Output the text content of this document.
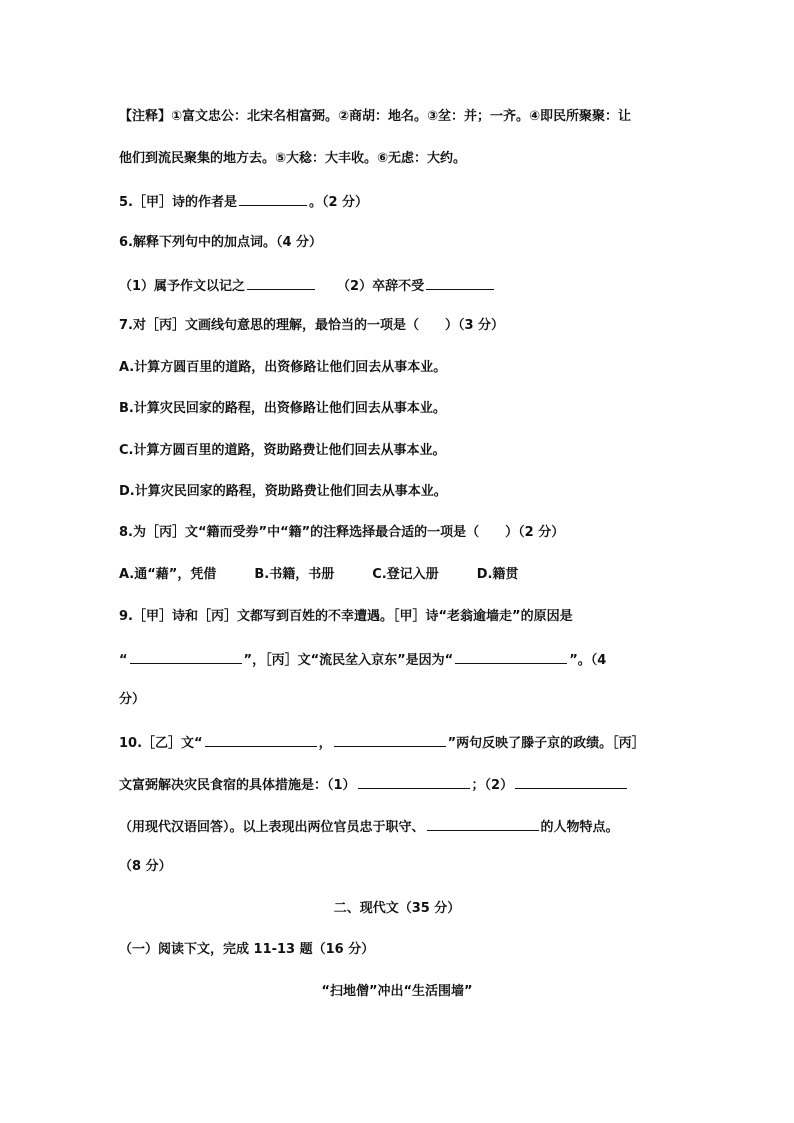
【注释】①富文忠公：北宋名相富弼。②商胡：地名。③坌：并；一齐。④即民所聚聚：让
他们到流民聚集的地方去。⑤大稔：大丰收。⑥无虑：大约。
5.［甲］诗的作者是	。（2 分）
6.解释下列句中的加点词。（4 分）
（1）属予作文以记之	（2）卒辞不受
7.对［丙］文画线句意思的理解，最恰当的一项是（　　）（3 分）
A.计算方圆百里的道路，出资修路让他们回去从事本业。
B.计算灾民回家的路程，出资修路让他们回去从事本业。
C.计算方圆百里的道路，资助路费让他们回去从事本业。
D.计算灾民回家的路程，资助路费让他们回去从事本业。
8.为［丙］文“籍而受券”中“籍”的注释选择最合适的一项是（　　）（2 分）
A.通“藉”，凭借	B.书籍，书册	C.登记入册	D.籍贯
9.［甲］诗和［丙］文都写到百姓的不幸遭遇。［甲］诗“老翁逾墙走”的原因是
“	”，［丙］文“流民坌入京东”是因为“	”。（4
分）
10.［乙］文“	，	”两句反映了滕子京的政绩。［丙］
文富弼解决灾民食宿的具体措施是：（1）	；（2）
（用现代汉语回答）。以上表现出两位官员忠于职守、	的人物特点。
（8 分）
二、现代文（35 分）
（一）阅读下文，完成 11-13 题（16 分）
“扫地僧”冲出“生活围墙”
